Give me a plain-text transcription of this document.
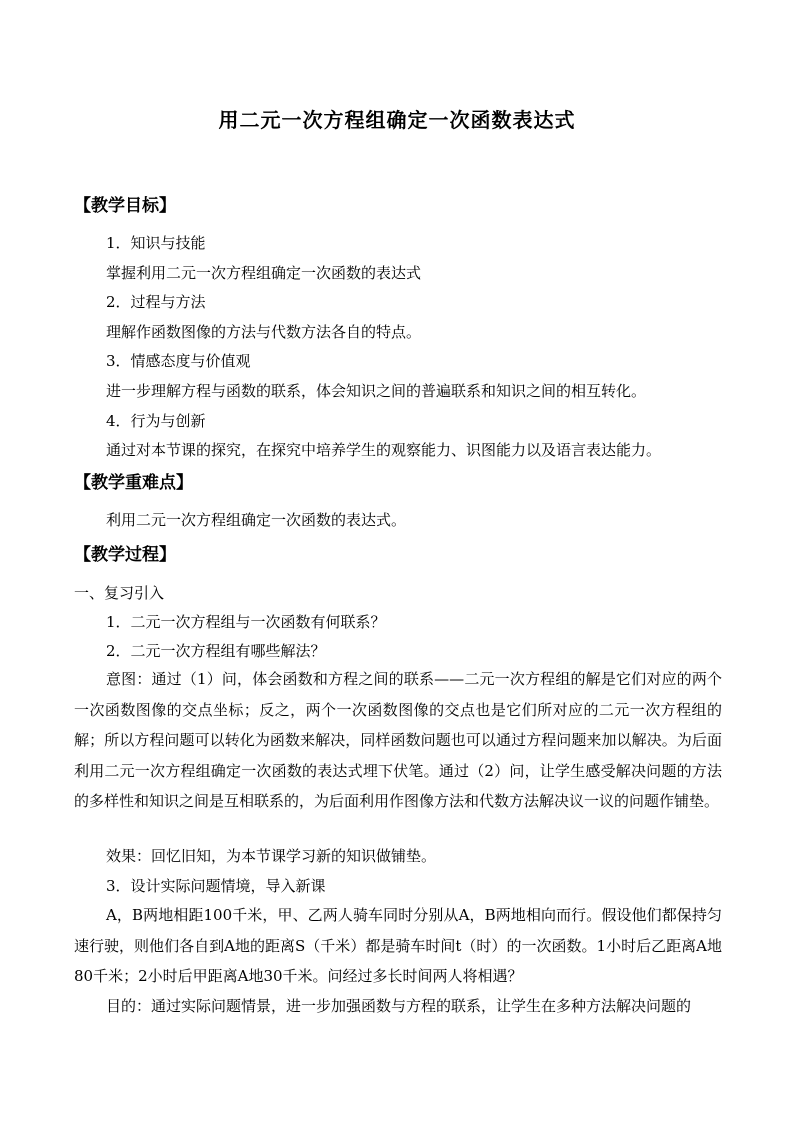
用二元一次方程组确定一次函数表达式
【教学目标】
1．知识与技能
掌握利用二元一次方程组确定一次函数的表达式
2．过程与方法
理解作函数图像的方法与代数方法各自的特点。
3．情感态度与价值观
进一步理解方程与函数的联系，体会知识之间的普遍联系和知识之间的相互转化。
4．行为与创新
通过对本节课的探究，在探究中培养学生的观察能力、识图能力以及语言表达能力。
【教学重难点】
利用二元一次方程组确定一次函数的表达式。
【教学过程】
一、复习引入
1．二元一次方程组与一次函数有何联系？
2．二元一次方程组有哪些解法？
意图：通过（1）问，体会函数和方程之间的联系——二元一次方程组的解是它们对应的两个一次函数图像的交点坐标；反之，两个一次函数图像的交点也是它们所对应的二元一次方程组的解；所以方程问题可以转化为函数来解决，同样函数问题也可以通过方程问题来加以解决。为后面利用二元一次方程组确定一次函数的表达式埋下伏笔。通过（2）问，让学生感受解决问题的方法的多样性和知识之间是互相联系的，为后面利用作图像方法和代数方法解决议一议的问题作铺垫。
效果：回忆旧知，为本节课学习新的知识做铺垫。
3．设计实际问题情境，导入新课
A，B两地相距100千米，甲、乙两人骑车同时分别从A，B两地相向而行。假设他们都保持匀速行驶，则他们各自到A地的距离S（千米）都是骑车时间t（时）的一次函数。1小时后乙距离A地80千米；2小时后甲距离A地30千米。问经过多长时间两人将相遇？
目的：通过实际问题情景，进一步加强函数与方程的联系，让学生在多种方法解决问题的
